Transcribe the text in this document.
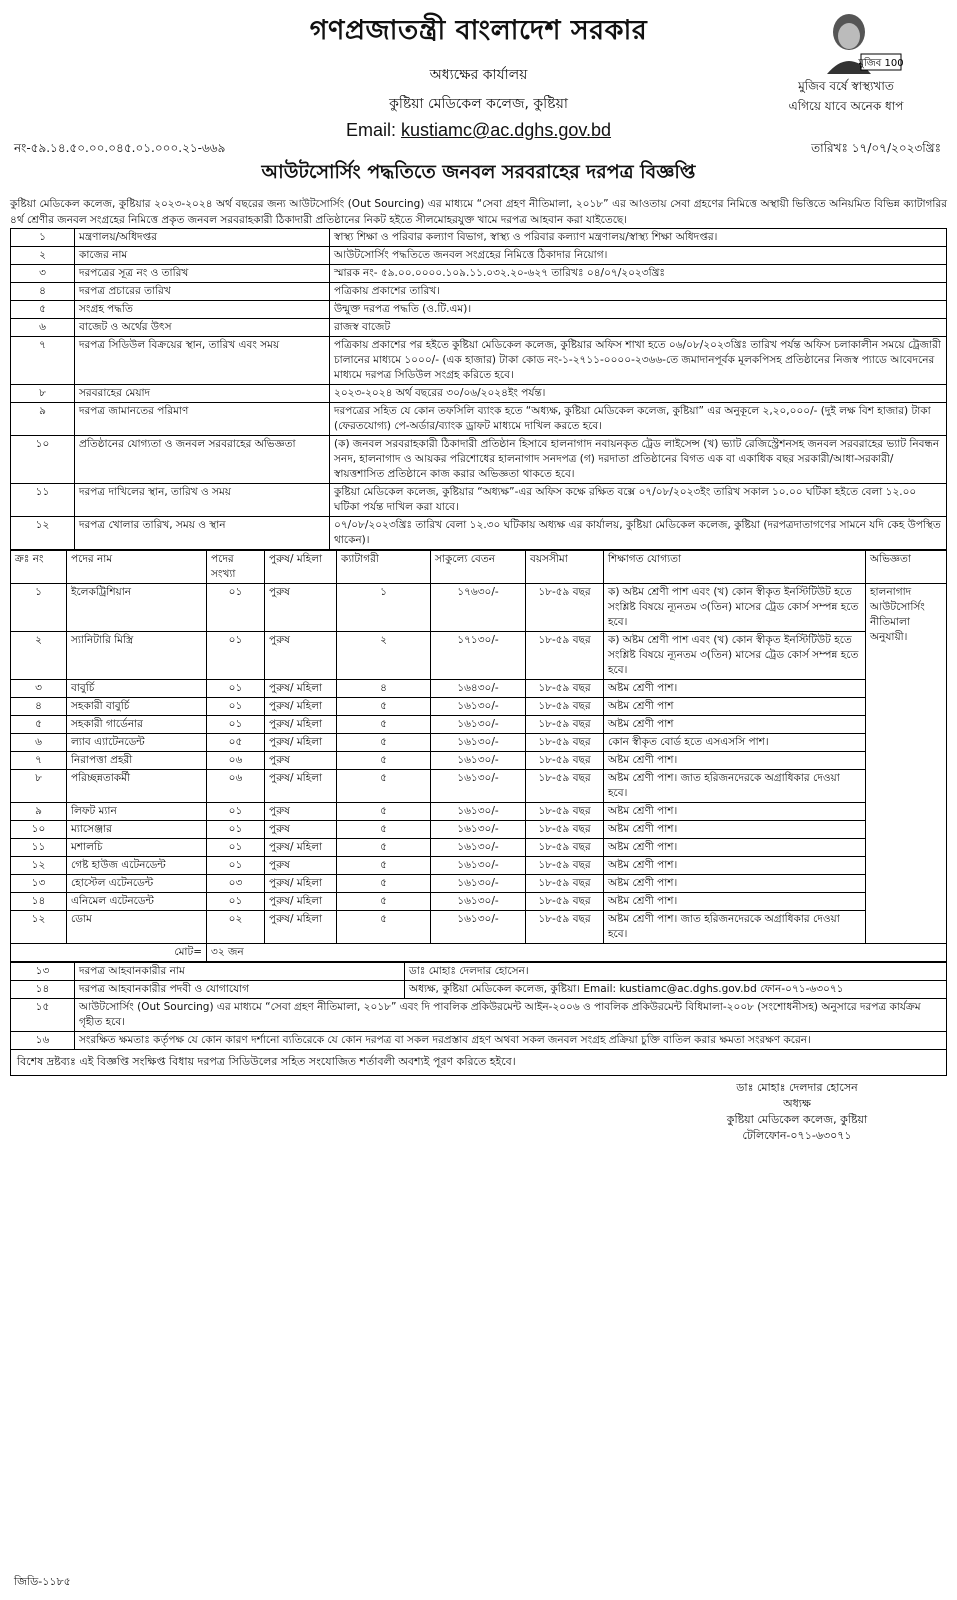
গণপ্রজাতন্ত্রী বাংলাদেশ সরকার
অধ্যক্ষের কার্যালয়
কুষ্টিয়া মেডিকেল কলেজ, কুষ্টিয়া
Email: kustiamc@ac.dghs.gov.bd
মুজিব 100
মুজিব বর্ষে স্বাস্থ্যখাত
এগিয়ে যাবে অনেক ধাপ
নং-৫৯.১৪.৫০.০০.০৪৫.০১.০০০.২১-৬৬৯	তারিখঃ ১৭/০৭/২০২৩খ্রিঃ
আউটসোর্সিং পদ্ধতিতে জনবল সরবরাহের দরপত্র বিজ্ঞপ্তি
কুষ্টিয়া মেডিকেল কলেজ, কুষ্টিয়ার ২০২৩-২০২৪ অর্থ বছরের জন্য আউটসোর্সিং (Out Sourcing) এর মাধ্যমে “সেবা গ্রহণ নীতিমালা, ২০১৮” এর আওতায় সেবা গ্রহণের নিমিত্তে অস্থায়ী ভিত্তিতে অনিয়মিত বিভিন্ন ক্যাটাগরির ৪র্থ শ্রেণীর জনবল সংগ্রহের নিমিত্তে প্রকৃত জনবল সরবরাহকারী ঠিকাদারী প্রতিষ্ঠানের নিকট হইতে সীলমোহরযুক্ত খামে দরপত্র আহবান করা যাইতেছে।
১	মন্ত্রণালয়/অধিদপ্তর	স্বাস্থ্য শিক্ষা ও পরিবার কল্যাণ বিভাগ, স্বাস্থ্য ও পরিবার কল্যাণ মন্ত্রণালয়/স্বাস্থ্য শিক্ষা অধিদপ্তর।
২	কাজের নাম	আউটসোর্সিং পদ্ধতিতে জনবল সংগ্রহের নিমিত্তে ঠিকাদার নিয়োগ।
৩	দরপত্রের সূত্র নং ও তারিখ	স্মারক নং- ৫৯.০০.০০০০.১০৯.১১.০৩২.২০-৬২৭ তারিখঃ ০৪/০৭/২০২৩খ্রিঃ
৪	দরপত্র প্রচারের তারিখ	পত্রিকায় প্রকাশের তারিখ।
৫	সংগ্রহ পদ্ধতি	উন্মুক্ত দরপত্র পদ্ধতি (ও.টি.এম)।
৬	বাজেট ও অর্থের উৎস	রাজস্ব বাজেট
৭	দরপত্র সিডিউল বিক্রয়ের স্থান, তারিখ এবং সময়	পত্রিকায় প্রকাশের পর হইতে কুষ্টিয়া মেডিকেল কলেজ, কুষ্টিয়ার অফিস শাখা হতে ০৬/০৮/২০২৩খ্রিঃ তারিখ পর্যন্ত অফিস চলাকালীন সময়ে ট্রেজারী চালানের মাধ্যমে ১০০০/- (এক হাজার) টাকা কোড নং-১-২৭১১-০০০০-২৩৬৬-তে জমাদানপূর্বক মূলকপিসহ প্রতিষ্ঠানের নিজস্ব প্যাডে আবেদনের মাধ্যমে দরপত্র সিডিউল সংগ্রহ করিতে হবে।
৮	সরবরাহের মেয়াদ	২০২৩-২০২৪ অর্থ বছরের ৩০/০৬/২০২৪ইং পর্যন্ত।
৯	দরপত্র জামানতের পরিমাণ	দরপত্রের সহিত যে কোন তফসিলি ব্যাংক হতে “অধ্যক্ষ, কুষ্টিয়া মেডিকেল কলেজ, কুষ্টিয়া” এর অনুকূলে ২,২০,০০০/- (দুই লক্ষ বিশ হাজার) টাকা (ফেরতযোগ্য) পে-অর্ডার/ব্যাংক ড্রাফট মাধ্যমে দাখিল করতে হবে।
১০	প্রতিষ্ঠানের যোগ্যতা ও জনবল সরবরাহের অভিজ্ঞতা	(ক) জনবল সরবরাহকারী ঠিকাদারী প্রতিষ্ঠান হিসাবে হালনাগাদ নবায়নকৃত ট্রেড লাইসেন্স (খ) ভ্যাট রেজিস্ট্রেশনসহ জনবল সরবরাহের ভ্যাট নিবন্ধন সনদ, হালনাগাদ ও আয়কর পরিশোধের হালনাগাদ সনদপত্র (গ) দরদাতা প্রতিষ্ঠানের বিগত এক বা একাধিক বছর সরকারী/আধা-সরকারী/স্বায়ত্তশাসিত প্রতিষ্ঠানে কাজ করার অভিজ্ঞতা থাকতে হবে।
১১	দরপত্র দাখিলের স্থান, তারিখ ও সময়	কুষ্টিয়া মেডিকেল কলেজ, কুষ্টিয়ার “অধ্যক্ষ”-এর অফিস কক্ষে রক্ষিত বক্সে ০৭/০৮/২০২৩ইং তারিখ সকাল ১০.০০ ঘটিকা হইতে বেলা ১২.০০ ঘটিকা পর্যন্ত দাখিল করা যাবে।
১২	দরপত্র খোলার তারিখ, সময় ও স্থান	০৭/০৮/২০২৩খ্রিঃ তারিখ বেলা ১২.৩০ ঘটিকায় অধ্যক্ষ এর কার্যালয়, কুষ্টিয়া মেডিকেল কলেজ, কুষ্টিয়া (দরপত্রদাতাগণের সামনে যদি কেহ উপস্থিত থাকেন)।
ক্রঃ নং	পদের নাম	পদের সংখ্যা	পুরুষ/ মহিলা	ক্যাটাগরী	সাকুল্যে বেতন	বয়সসীমা	শিক্ষাগত যোগ্যতা	অভিজ্ঞতা
১	ইলেকট্রিশিয়ান	০১	পুরুষ	১	১৭৬৩০/-	১৮-৫৯ বছর	ক) অষ্টম শ্রেণী পাশ এবং (খ) কোন স্বীকৃত ইনস্টিটিউট হতে সংশ্লিষ্ট বিষয়ে ন্যূনতম ৩(তিন) মাসের ট্রেড কোর্স সম্পন্ন হতে হবে।	হালনাগাদ আউটসোর্সিং নীতিমালা অনুযায়ী।
২	স্যানিটারি মিস্ত্রি	০১	পুরুষ	২	১৭১৩০/-	১৮-৫৯ বছর	ক) অষ্টম শ্রেণী পাশ এবং (খ) কোন স্বীকৃত ইনস্টিটিউট হতে সংশ্লিষ্ট বিষয়ে ন্যূনতম ৩(তিন) মাসের ট্রেড কোর্স সম্পন্ন হতে হবে।	
৩	বাবুর্চি	০১	পুরুষ/ মহিলা	৪	১৬৪৩০/-	১৮-৫৯ বছর	অষ্টম শ্রেণী পাশ।	
৪	সহকারী বাবুর্চি	০১	পুরুষ/ মহিলা	৫	১৬১৩০/-	১৮-৫৯ বছর	অষ্টম শ্রেণী পাশ	
৫	সহকারী গার্ডেনার	০১	পুরুষ/ মহিলা	৫	১৬১৩০/-	১৮-৫৯ বছর	অষ্টম শ্রেণী পাশ	
৬	ল্যাব এ্যাটেনডেন্ট	০৫	পুরুষ/ মহিলা	৫	১৬১৩০/-	১৮-৫৯ বছর	কোন স্বীকৃত বোর্ড হতে এসএসসি পাশ।	
৭	নিরাপত্তা প্রহরী	০৬	পুরুষ	৫	১৬১৩০/-	১৮-৫৯ বছর	অষ্টম শ্রেণী পাশ।	
৮	পরিচ্ছন্নতাকর্মী	০৬	পুরুষ/ মহিলা	৫	১৬১৩০/-	১৮-৫৯ বছর	অষ্টম শ্রেণী পাশ। জাত হরিজনদেরকে অগ্রাধিকার দেওয়া হবে।	
৯	লিফট ম্যান	০১	পুরুষ	৫	১৬১৩০/-	১৮-৫৯ বছর	অষ্টম শ্রেণী পাশ।	
১০	ম্যাসেঞ্জার	০১	পুরুষ	৫	১৬১৩০/-	১৮-৫৯ বছর	অষ্টম শ্রেণী পাশ।	
১১	মশালচি	০১	পুরুষ/ মহিলা	৫	১৬১৩০/-	১৮-৫৯ বছর	অষ্টম শ্রেণী পাশ।	
১২	গেষ্ট হাউজ এটেনডেন্ট	০১	পুরুষ	৫	১৬১৩০/-	১৮-৫৯ বছর	অষ্টম শ্রেণী পাশ।	
১৩	হোস্টেল এটেনডেন্ট	০৩	পুরুষ/ মহিলা	৫	১৬১৩০/-	১৮-৫৯ বছর	অষ্টম শ্রেণী পাশ।	
১৪	এনিমেল এটেনডেন্ট	০১	পুরুষ/ মহিলা	৫	১৬১৩০/-	১৮-৫৯ বছর	অষ্টম শ্রেণী পাশ।	
১২	ডোম	০২	পুরুষ/ মহিলা	৫	১৬১৩০/-	১৮-৫৯ বছর	অষ্টম শ্রেণী পাশ। জাত হরিজনদেরকে অগ্রাধিকার দেওয়া হবে।	
মোট=		৩২ জন						
১৩	দরপত্র আহবানকারীর নাম	ডাঃ মোহাঃ দেলদার হোসেন।
১৪	দরপত্র আহবানকারীর পদবী ও যোগাযোগ	অধ্যক্ষ, কুষ্টিয়া মেডিকেল কলেজ, কুষ্টিয়া। Email: kustiamc@ac.dghs.gov.bd ফোন-০৭১-৬৩০৭১
১৫	আউটসোর্সিং (Out Sourcing) এর মাধ্যমে “সেবা গ্রহণ নীতিমালা, ২০১৮” এবং দি পাবলিক প্রকিউরমেন্ট আইন-২০০৬ ও পাবলিক প্রকিউরমেন্ট বিধিমালা-২০০৮ (সংশোধনীসহ) অনুসারে দরপত্র কার্যক্রম গৃহীত হবে।	
১৬	সংরক্ষিত ক্ষমতাঃ কর্তৃপক্ষ যে কোন কারণ দর্শানো ব্যতিরেকে যে কোন দরপত্র বা সকল দরপ্রস্তাব গ্রহণ অথবা সকল জনবল সংগ্রহ প্রক্রিয়া চুক্তি বাতিল করার ক্ষমতা সংরক্ষণ করেন।	
বিশেষ দ্রষ্টব্যঃ এই বিজ্ঞপ্তি সংক্ষিপ্ত বিধায় দরপত্র সিডিউলের সহিত সংযোজিত শর্তাবলী অবশ্যই পূরণ করিতে হইবে।
ডাঃ মোহাঃ দেলদার হোসেন
অধ্যক্ষ
কুষ্টিয়া মেডিকেল কলেজ, কুষ্টিয়া
টেলিফোন-০৭১-৬৩০৭১
জিডি-১১৮৫
